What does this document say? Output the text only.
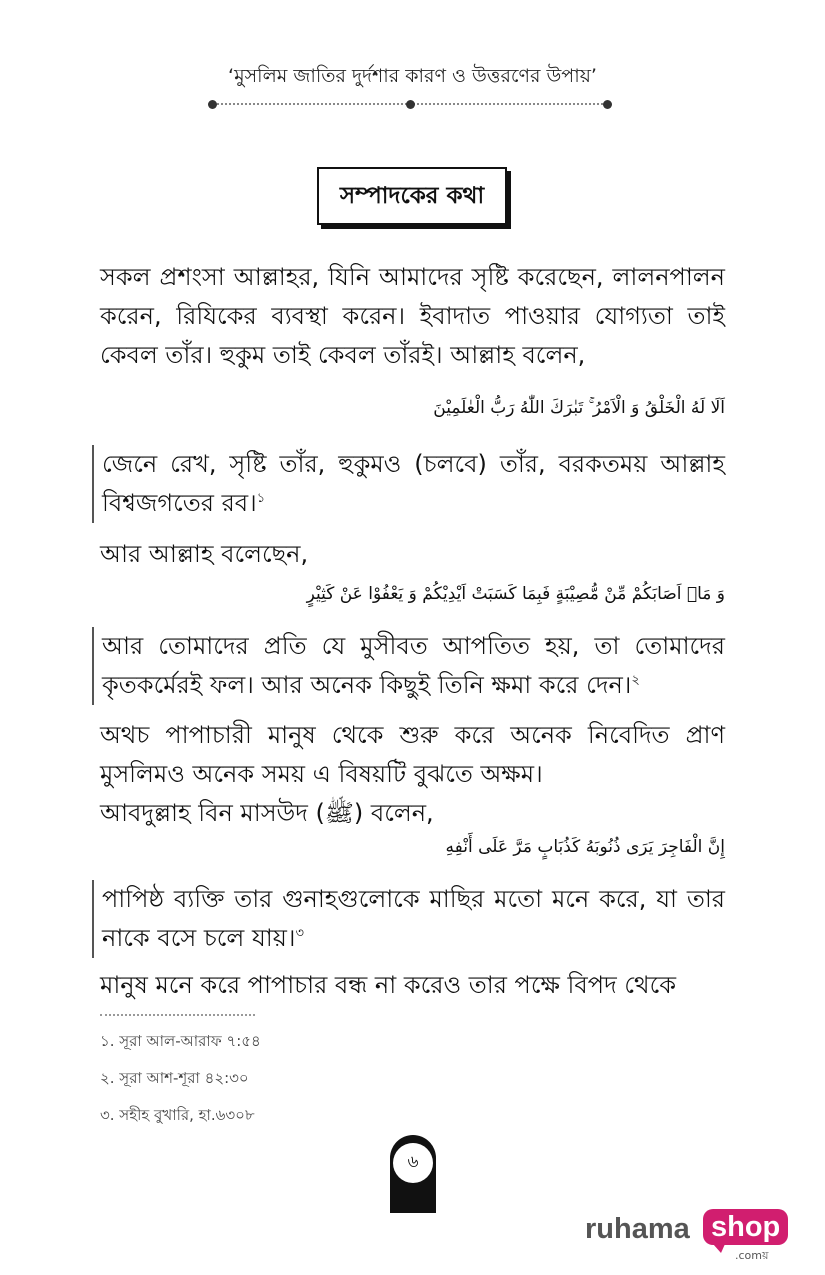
‘মুসলিম জাতির দুর্দশার কারণ ও উত্তরণের উপায়’
সম্পাদকের কথা

সকল প্রশংসা আল্লাহর, যিনি আমাদের সৃষ্টি করেছেন, লালনপালন করেন, রিযিকের ব্যবস্থা করেন। ইবাদাত পাওয়ার যোগ্যতা তাই কেবল তাঁর। হুকুম তাই কেবল তাঁরই। আল্লাহ বলেন,

اَلَا لَهُ الْخَلْقُ وَ الْاَمْرُ ۚ تَبٰرَكَ اللّٰهُ رَبُّ الْعٰلَمِیْنَ

জেনে রেখ, সৃষ্টি তাঁর, হুকুমও (চলবে) তাঁর, বরকতময় আল্লাহ বিশ্বজগতের রব।$^১$

আর আল্লাহ বলেছেন,

وَ مَاۤ اَصَابَكُمْ مِّنْ مُّصِیْبَةٍ فَبِمَا كَسَبَتْ اَیْدِیْكُمْ وَ یَعْفُوْا عَنْ كَثِیْرٍ

আর তোমাদের প্রতি যে মুসীবত আপতিত হয়, তা তোমাদের কৃতকর্মেরই ফল। আর অনেক কিছুই তিনি ক্ষমা করে দেন।$^২$

অথচ পাপাচারী মানুষ থেকে শুরু করে অনেক নিবেদিত প্রাণ মুসলিমও অনেক সময় এ বিষয়টি বুঝতে অক্ষম।

আবদুল্লাহ বিন মাসউদ (ﷺ) বলেন,

إِنَّ الْفَاجِرَ يَرَى ذُنُوبَهُ كَذُبَابٍ مَرَّ عَلَى أَنْفِهِ

পাপিষ্ঠ ব্যক্তি তার গুনাহগুলোকে মাছির মতো মনে করে, যা তার নাকে বসে চলে যায়।$^৩$

মানুষ মনে করে পাপাচার বন্ধ না করেও তার পক্ষে বিপদ থেকে

১. সূরা আল-আরাফ ৭:৫৪
২. সূরা আশ-শূরা ৪২:৩০
৩. সহীহ বুখারি, হা.৬৩০৮
৬
ruhama shop
.comয়
